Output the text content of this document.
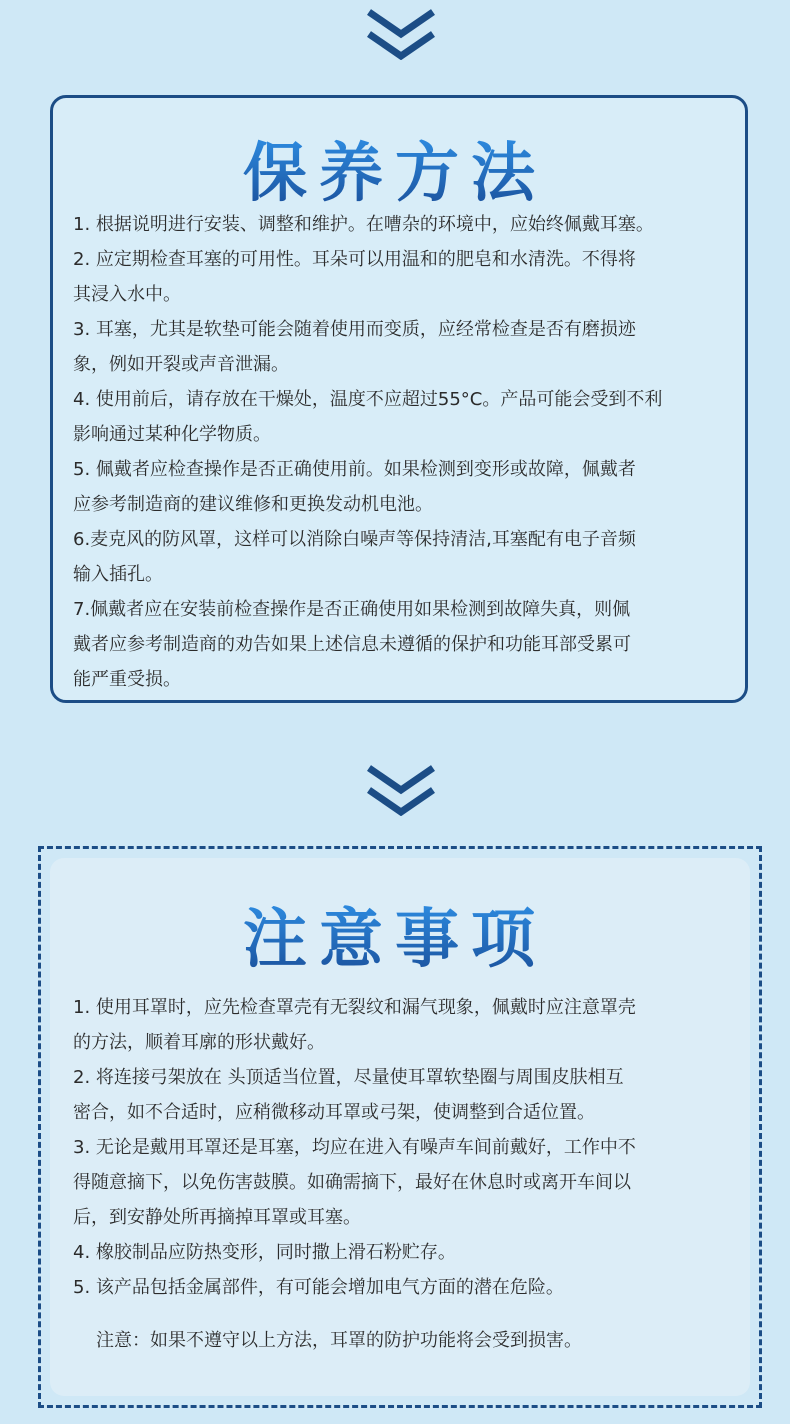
保养方法
1. 根据说明进行安装、调整和维护。在嘈杂的环境中，应始终佩戴耳塞。
2. 应定期检查耳塞的可用性。耳朵可以用温和的肥皂和水清洗。不得将
其浸入水中。
3. 耳塞，尤其是软垫可能会随着使用而变质，应经常检查是否有磨损迹
象，例如开裂或声音泄漏。
4. 使用前后，请存放在干燥处，温度不应超过55°C。产品可能会受到不利
影响通过某种化学物质。
5. 佩戴者应检查操作是否正确使用前。如果检测到变形或故障，佩戴者
应参考制造商的建议维修和更换发动机电池。
6.麦克风的防风罩，这样可以消除白噪声等保持清洁,耳塞配有电子音频
输入插孔。
7.佩戴者应在安装前检查操作是否正确使用如果检测到故障失真，则佩
戴者应参考制造商的劝告如果上述信息未遵循的保护和功能耳部受累可
能严重受损。
注意事项
1. 使用耳罩时，应先检查罩壳有无裂纹和漏气现象，佩戴时应注意罩壳
的方法，顺着耳廓的形状戴好。
2. 将连接弓架放在 头顶适当位置，尽量使耳罩软垫圈与周围皮肤相互
密合，如不合适时，应稍微移动耳罩或弓架，使调整到合适位置。
3. 无论是戴用耳罩还是耳塞，均应在进入有噪声车间前戴好，工作中不
得随意摘下，以免伤害鼓膜。如确需摘下，最好在休息时或离开车间以
后，到安静处所再摘掉耳罩或耳塞。
4. 橡胶制品应防热变形，同时撒上滑石粉贮存。
5. 该产品包括金属部件，有可能会增加电气方面的潜在危险。
注意：如果不遵守以上方法，耳罩的防护功能将会受到损害。
